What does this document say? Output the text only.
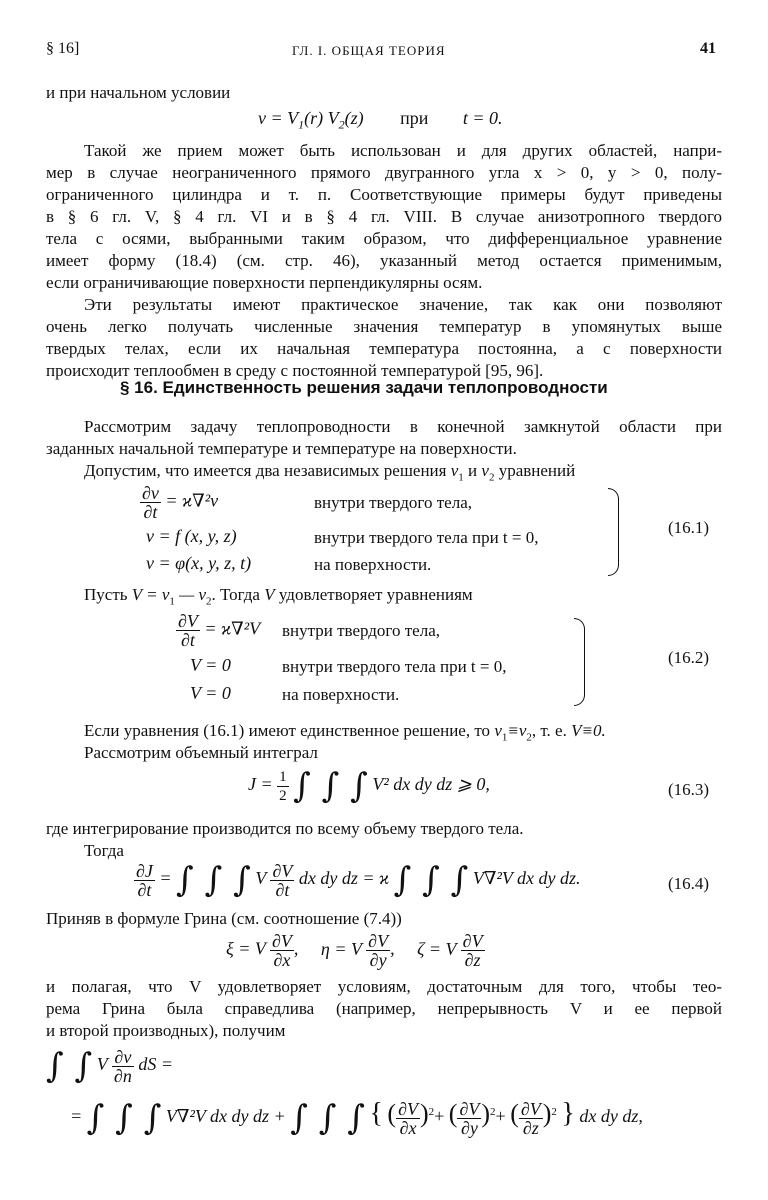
§ 16]	ГЛ. I. ОБЩАЯ ТЕОРИЯ	41
и при начальном условии
$v = V_1(r)$ $V_2(z)$ при t = 0.
Такой же прием может быть использован и для других областей, напри-
мер в случае неограниченного прямого двугранного угла x > 0, y > 0, полу-
ограниченного цилиндра и т. п. Соответствующие примеры будут приведены
в § 6 гл. V, § 4 гл. VI и в § 4 гл. VIII. В случае анизотропного твердого
тела с осями, выбранными таким образом, что дифференциальное уравнение
имеет форму (18.4) (см. стр. 46), указанный метод остается применимым,
если ограничивающие поверхности перпендикулярны осям.
Эти результаты имеют практическое значение, так как они позволяют
очень легко получать численные значения температур в упомянутых выше
твердых телах, если их начальная температура постоянна, а с поверхности
происходит теплообмен в среду с постоянной температурой [95, 96].
§ 16. Единственность решения задачи теплопроводности
Рассмотрим задачу теплопроводности в конечной замкнутой области при
заданных начальной температуре и температуре на поверхности.
Допустим, что имеется два независимых решения $v_1$ и $v_2$ уравнений
$\frac{\partial v}{\partial t} = ϰ\nabla^2v$	внутри твердого тела,
v = f (x, y, z)	внутри твердого тела при t = 0,
v = φ(x, y, z, t)	на поверхности.
(16.1)
Пусть $V = v_1$ — $v_2$. Тогда V удовлетворяет уравнениям
$\frac{\partial V}{\partial t} = ϰ\nabla^2V$ внутри твердого тела,
V = 0	внутри твердого тела при t = 0,
V = 0	на поверхности.
(16.2)
Если уравнения (16.1) имеют единственное решение, то $v_1\equiv v_2$, т. е. V≡0.
Рассмотрим объемный интеграл
$J = \frac{1}{2}$ ∫ ∫ ∫ V² dx dy dz ⩾ 0,	(16.3)
где интегрирование производится по всему объему твердого тела.
Тогда
$\frac{\partial J}{\partial t}$ = ∫ ∫ ∫ V $\frac{\partial V}{\partial t}$ dx dy dz = ϰ ∫ ∫ ∫ V∇²V dx dy dz.	(16.4)
Приняв в формуле Грина (см. соотношение (7.4))
ξ = V $\frac{\partial V}{\partial x}$ , η = V $\frac{\partial V}{\partial y}$ , ζ = V $\frac{\partial V}{\partial z}$
и полагая, что V удовлетворяет условиям, достаточным для того, чтобы тео-
рема Грина была справедлива (например, непрерывность V и ее первой
и второй производных), получим
∫ ∫ V $\frac{\partial v}{\partial n}$ dS =
= ∫ ∫ ∫ V∇²V dx dy dz + ∫ ∫ ∫ { ( $\frac{\partial V}{\partial x} )^2+$ ( $\frac{\partial V}{\partial y} )^2+$ ( $\frac{\partial V}{\partial z} )^2$ } dx dy dz,
